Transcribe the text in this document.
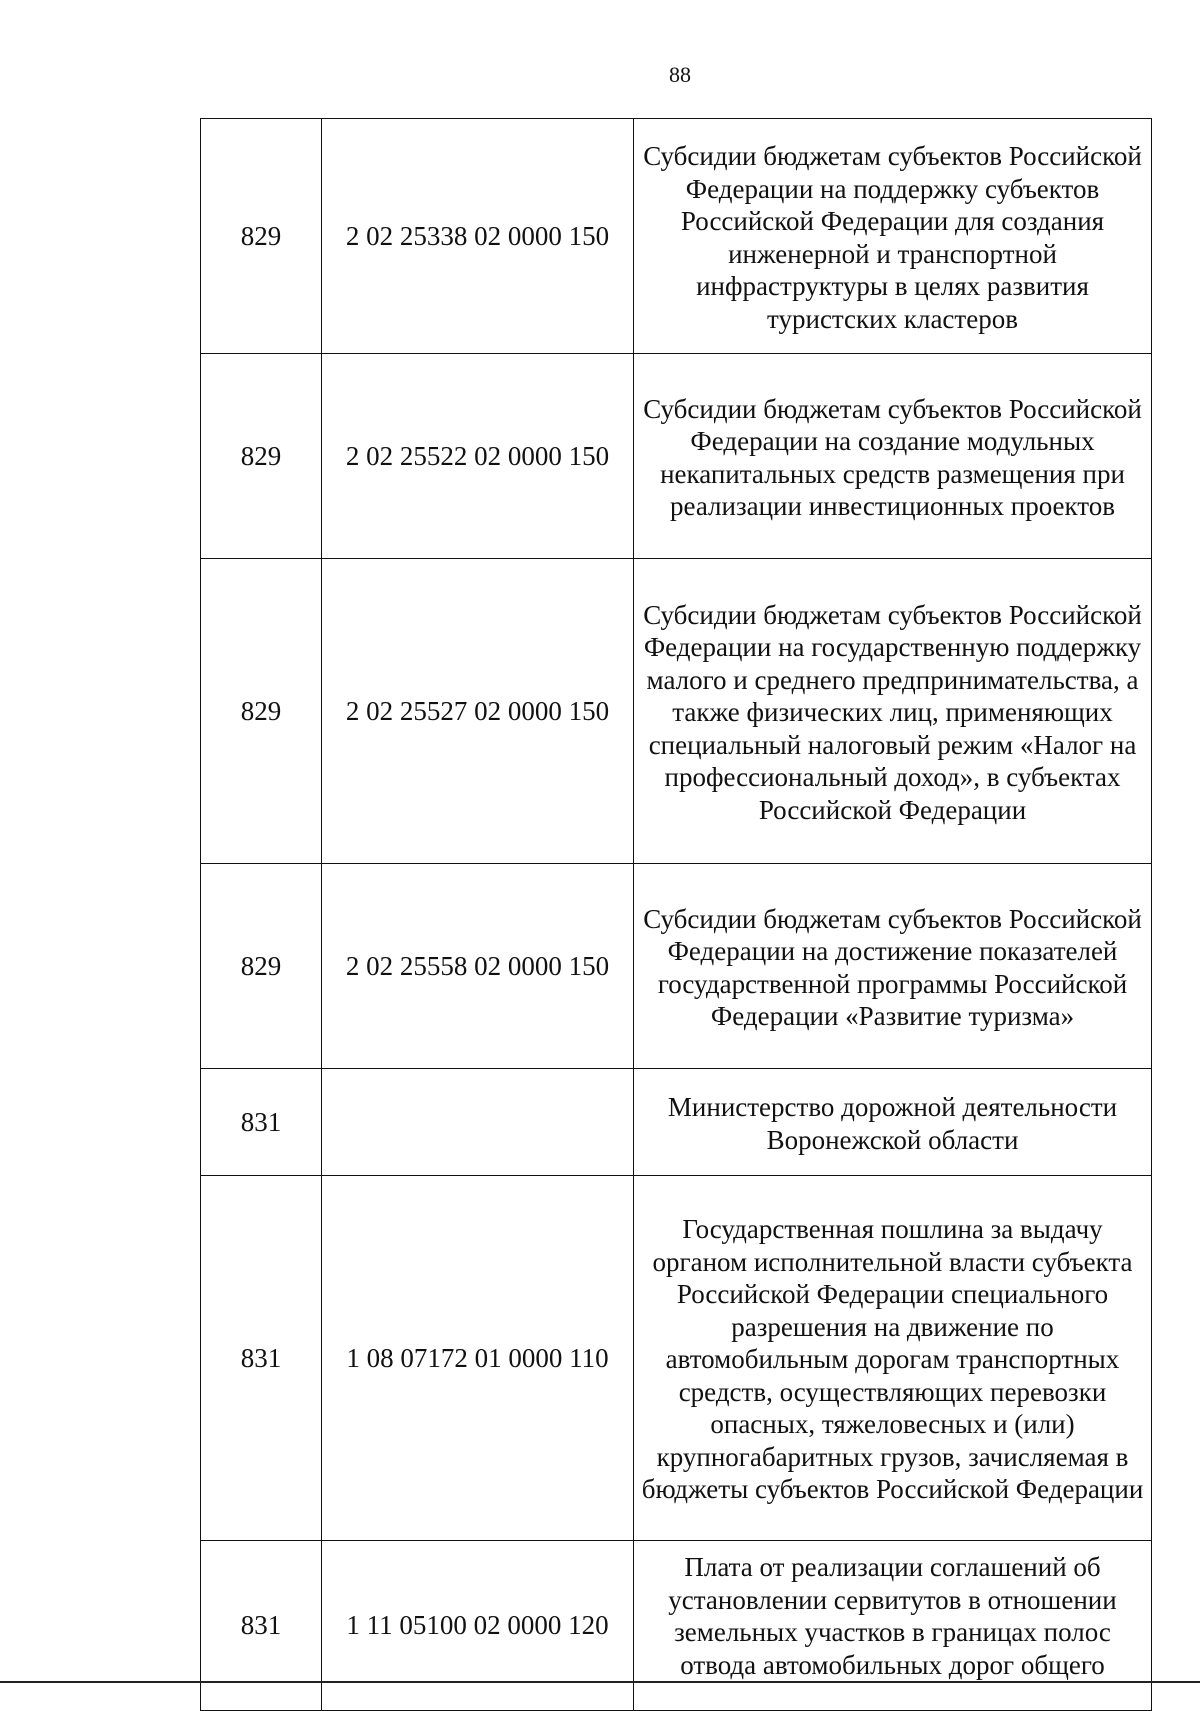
88
829	2 02 25338 02 0000 150	Субсидии бюджетам субъектов Российской Федерации на поддержку субъектов Российской Федерации для создания инженерной и транспортной инфраструктуры в целях развития туристских кластеров
829	2 02 25522 02 0000 150	Субсидии бюджетам субъектов Российской Федерации на создание модульных некапитальных средств размещения при реализации инвестиционных проектов
829	2 02 25527 02 0000 150	Субсидии бюджетам субъектов Российской Федерации на государственную поддержку малого и среднего предпринимательства, а также физических лиц, применяющих специальный налоговый режим «Налог на профессиональный доход», в субъектах Российской Федерации
829	2 02 25558 02 0000 150	Субсидии бюджетам субъектов Российской Федерации на достижение показателей государственной программы Российской Федерации «Развитие туризма»
831		Министерство дорожной деятельности Воронежской области
831	1 08 07172 01 0000 110	Государственная пошлина за выдачу органом исполнительной власти субъекта Российской Федерации специального разрешения на движение по автомобильным дорогам транспортных средств, осуществляющих перевозки опасных, тяжеловесных и (или) крупногабаритных грузов, зачисляемая в бюджеты субъектов Российской Федерации
831	1 11 05100 02 0000 120	Плата от реализации соглашений об установлении сервитутов в отношении земельных участков в границах полос отвода автомобильных дорог общего
